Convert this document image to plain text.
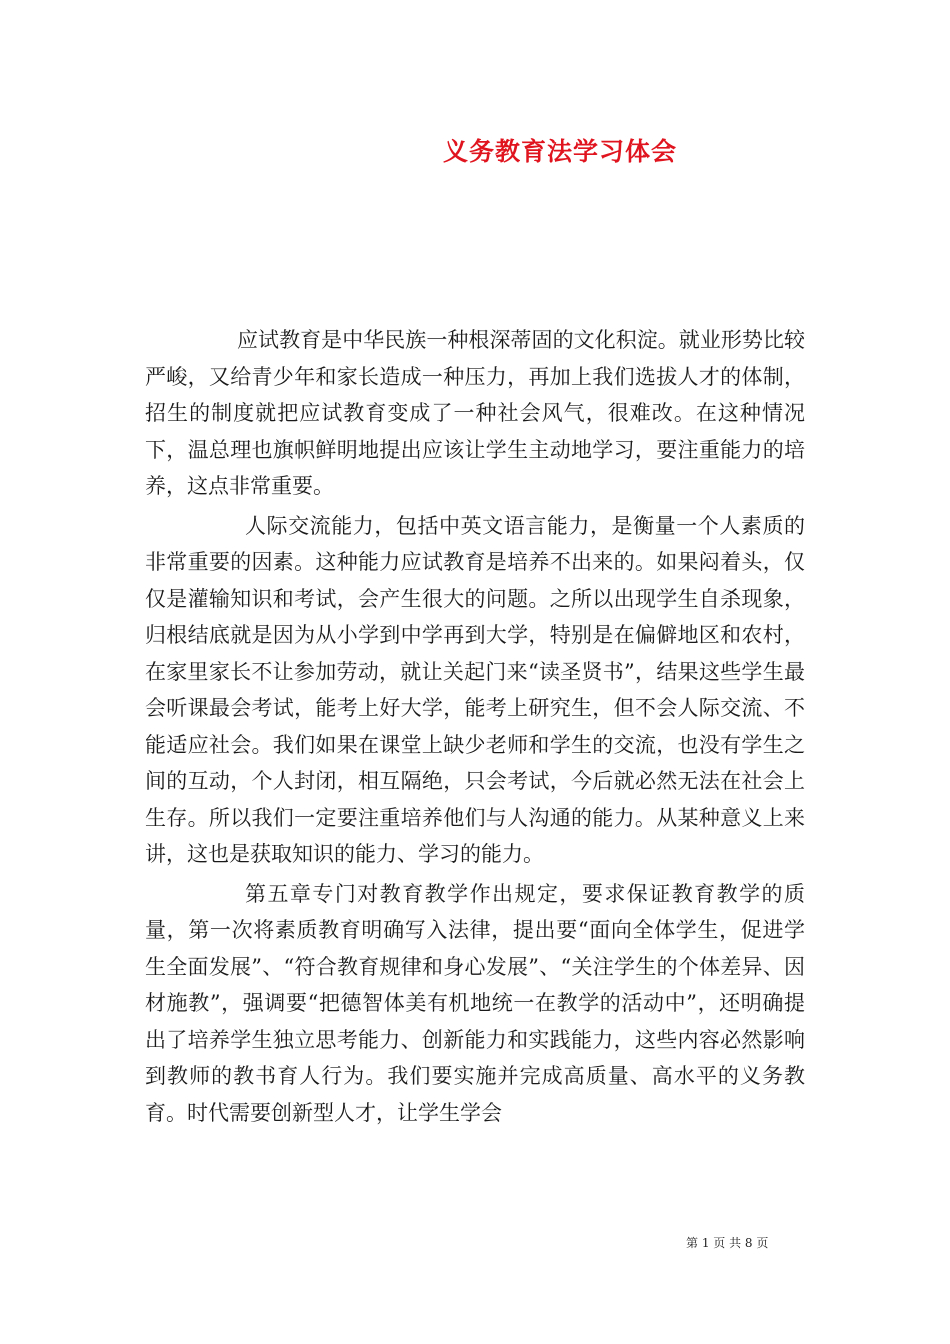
义务教育法学习体会

应试教育是中华民族一种根深蒂固的文化积淀。就业形势比较严峻，又给青少年和家长造成一种压力，再加上我们选拔人才的体制，招生的制度就把应试教育变成了一种社会风气，很难改。在这种情况下，温总理也旗帜鲜明地提出应该让学生主动地学习，要注重能力的培养，这点非常重要。

人际交流能力，包括中英文语言能力，是衡量一个人素质的非常重要的因素。这种能力应试教育是培养不出来的。如果闷着头，仅仅是灌输知识和考试，会产生很大的问题。之所以出现学生自杀现象，归根结底就是因为从小学到中学再到大学，特别是在偏僻地区和农村，在家里家长不让参加劳动，就让关起门来“读圣贤书”，结果这些学生最会听课最会考试，能考上好大学，能考上研究生，但不会人际交流、不能适应社会。我们如果在课堂上缺少老师和学生的交流，也没有学生之间的互动，个人封闭，相互隔绝，只会考试，今后就必然无法在社会上生存。所以我们一定要注重培养他们与人沟通的能力。从某种意义上来讲，这也是获取知识的能力、学习的能力。

第五章专门对教育教学作出规定，要求保证教育教学的质量，第一次将素质教育明确写入法律，提出要“面向全体学生，促进学生全面发展”、“符合教育规律和身心发展”、“关注学生的个体差异、因材施教”，强调要“把德智体美有机地统一在教学的活动中”，还明确提出了培养学生独立思考能力、创新能力和实践能力，这些内容必然影响到教师的教书育人行为。我们要实施并完成高质量、高水平的义务教育。时代需要创新型人才，让学生学会

第 1 页 共 8 页
